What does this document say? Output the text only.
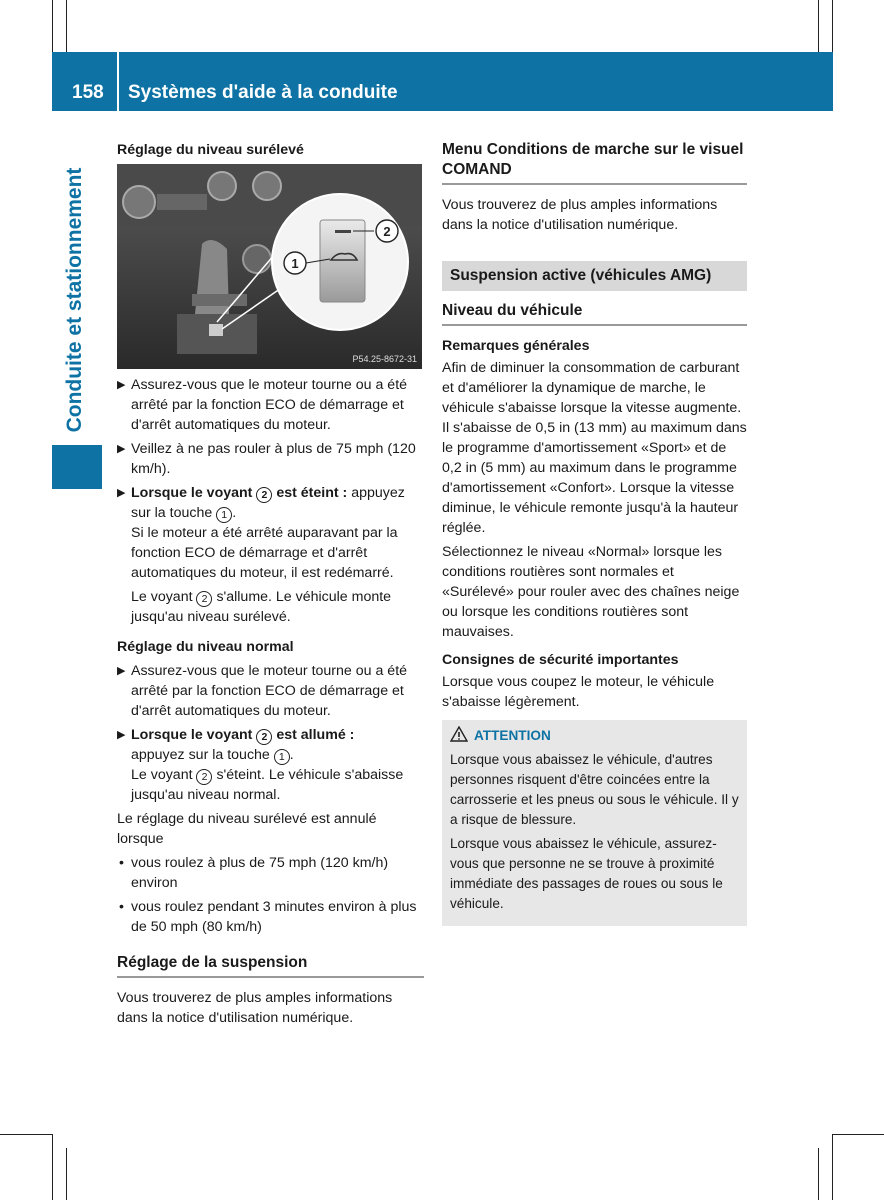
158 Systèmes d'aide à la conduite
Conduite et stationnement

Réglage du niveau surélevé

2
1
P54.25-8672-31
▶ Assurez-vous que le moteur tourne ou a été arrêté par la fonction ECO de démarrage et d'arrêt automatiques du moteur.
▶ Veillez à ne pas rouler à plus de 75 mph (120 km/h).
▶ Lorsque le voyant 2 est éteint : appuyez sur la touche 1 .
Si le moteur a été arrêté auparavant par la fonction ECO de démarrage et d'arrêt automatiques du moteur, il est redémarré.
Le voyant 2 s'allume. Le véhicule monte jusqu'au niveau surélevé.

Réglage du niveau normal

▶ Assurez-vous que le moteur tourne ou a été arrêté par la fonction ECO de démarrage et d'arrêt automatiques du moteur.
▶ Lorsque le voyant 2 est allumé :
appuyez sur la touche 1 .
Le voyant 2 s'éteint. Le véhicule s'abaisse jusqu'au niveau normal.

Le réglage du niveau surélevé est annulé lorsque

• vous roulez à plus de 75 mph (120 km/h) environ
• vous roulez pendant 3 minutes environ à plus de 50 mph (80 km/h)
Réglage de la suspension

Vous trouverez de plus amples informations dans la notice d'utilisation numérique.

Menu Conditions de marche sur le visuel COMAND

Vous trouverez de plus amples informations dans la notice d'utilisation numérique.

Suspension active (véhicules AMG)
Niveau du véhicule

Remarques générales

Afin de diminuer la consommation de carburant et d'améliorer la dynamique de marche, le véhicule s'abaisse lorsque la vitesse augmente. Il s'abaisse de 0,5 in (13 mm) au maximum dans le programme d'amortissement «Sport» et de 0,2 in (5 mm) au maximum dans le programme d'amortissement «Confort». Lorsque la vitesse diminue, le véhicule remonte jusqu'à la hauteur réglée.

Sélectionnez le niveau «Normal» lorsque les conditions routières sont normales et «Surélevé» pour rouler avec des chaînes neige ou lorsque les conditions routières sont mauvaises.

Consignes de sécurité importantes

Lorsque vous coupez le moteur, le véhicule s'abaisse légèrement.

ATTENTION

Lorsque vous abaissez le véhicule, d'autres personnes risquent d'être coincées entre la carrosserie et les pneus ou sous le véhicule. Il y a risque de blessure.

Lorsque vous abaissez le véhicule, assurez-vous que personne ne se trouve à proximité immédiate des passages de roues ou sous le véhicule.
